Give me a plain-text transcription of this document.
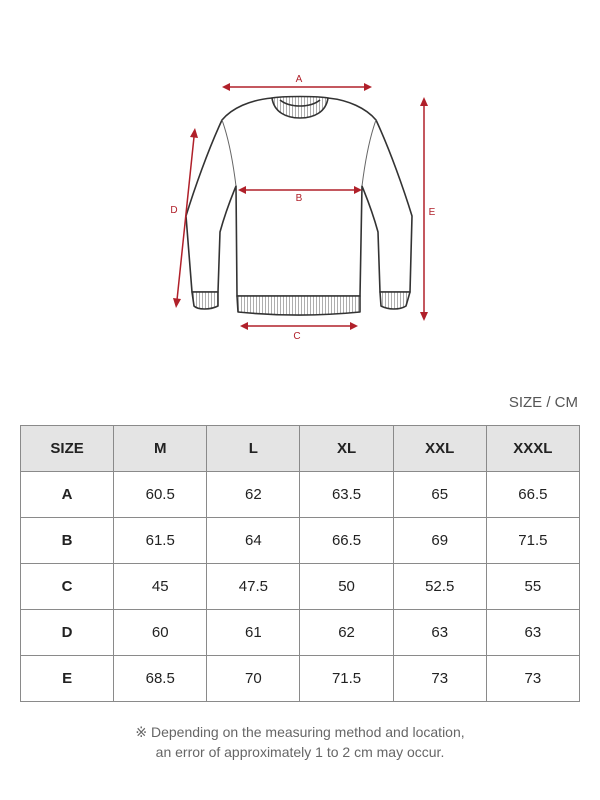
A
B
C
D	E
SIZE / CM
SIZE	M	L	XL	XXL	XXXL
A	60.5	62	63.5	65	66.5
B	61.5	64	66.5	69	71.5
C	45	47.5	50	52.5	55
D	60	61	62	63	63
E	68.5	70	71.5	73	73
※ Depending on the measuring method and location,
an error of approximately 1 to 2 cm may occur.
